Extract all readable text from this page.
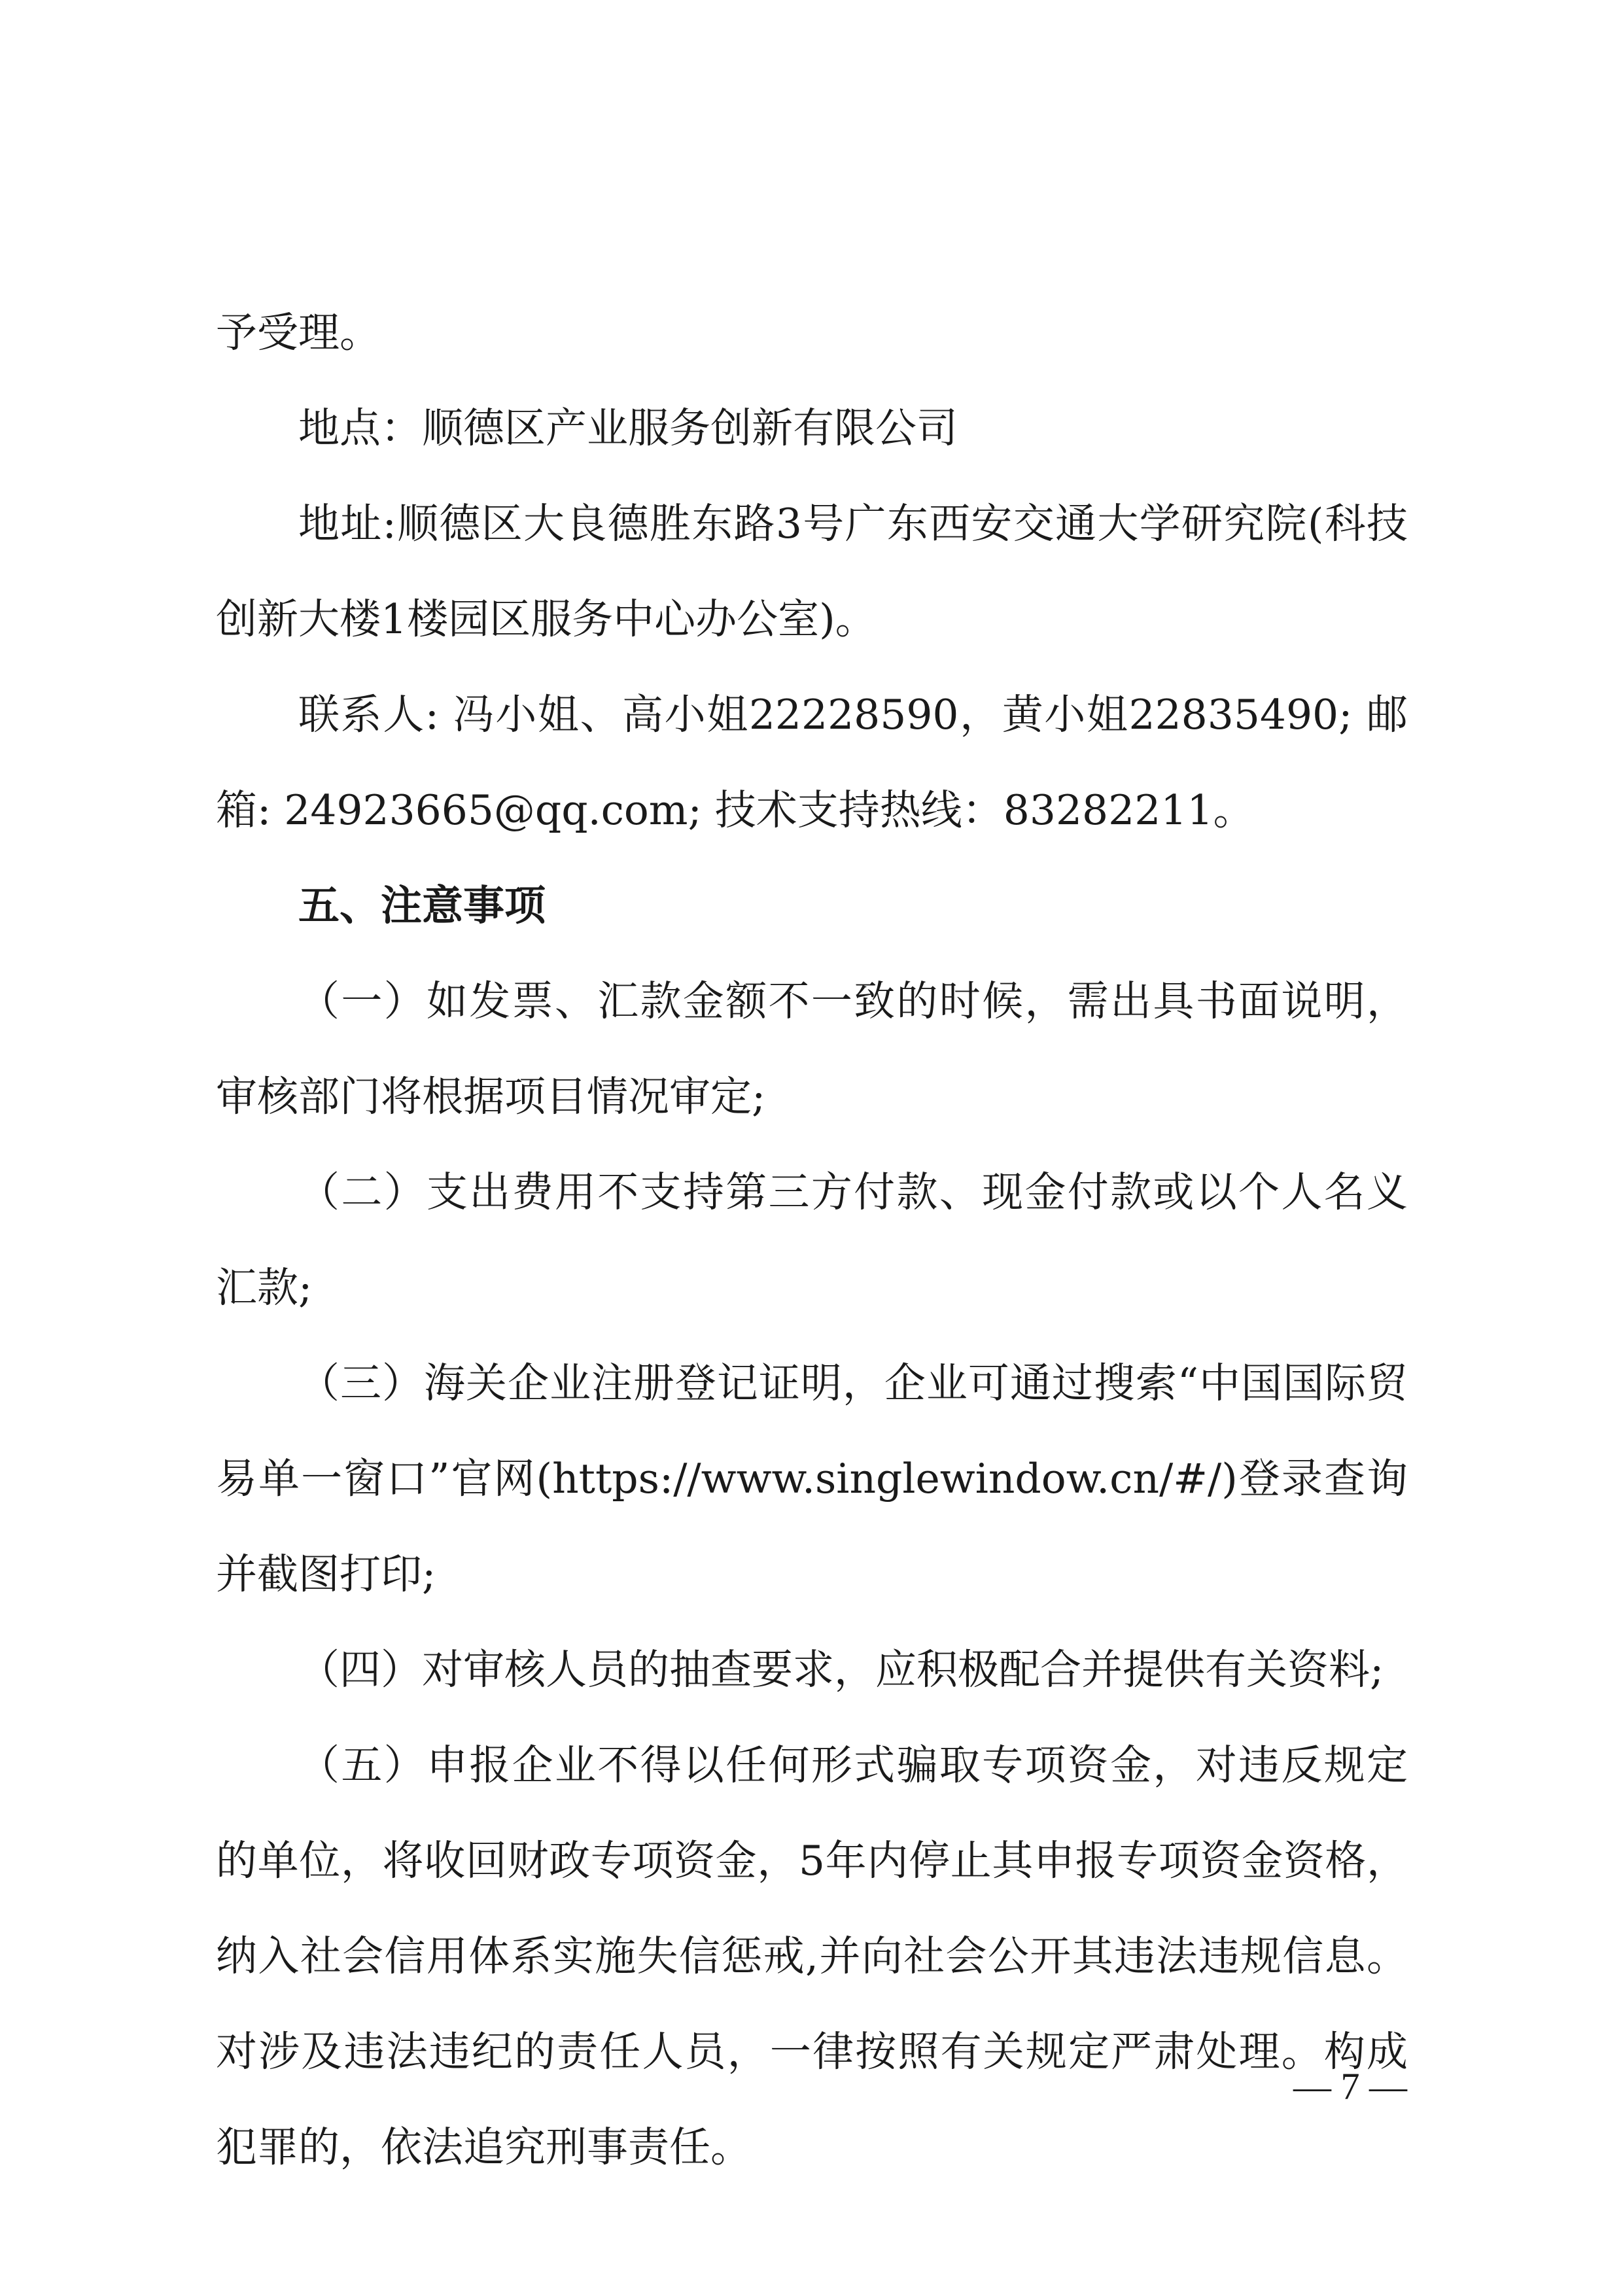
予受理。

地点：顺德区产业服务创新有限公司

地址:顺德区大良德胜东路3号广东西安交通大学研究院(科技创新大楼1楼园区服务中心办公室)。

联系人: 冯小姐、高小姐22228590，黄小姐22835490; 邮箱: 24923665@qq.com; 技术支持热线：83282211。

五、注意事项

（一）如发票、汇款金额不一致的时候，需出具书面说明，审核部门将根据项目情况审定;

（二）支出费用不支持第三方付款、现金付款或以个人名义汇款;

（三）海关企业注册登记证明，企业可通过搜索“中国国际贸易单一窗口”官网(https://www.singlewindow.cn/#/)登录查询并截图打印;

（四）对审核人员的抽查要求，应积极配合并提供有关资料;

（五）申报企业不得以任何形式骗取专项资金，对违反规定的单位，将收回财政专项资金，5年内停止其申报专项资金资格，纳入社会信用体系实施失信惩戒,并向社会公开其违法违规信息。对涉及违法违纪的责任人员，一律按照有关规定严肃处理。构成犯罪的，依法追究刑事责任。

— 7 —
